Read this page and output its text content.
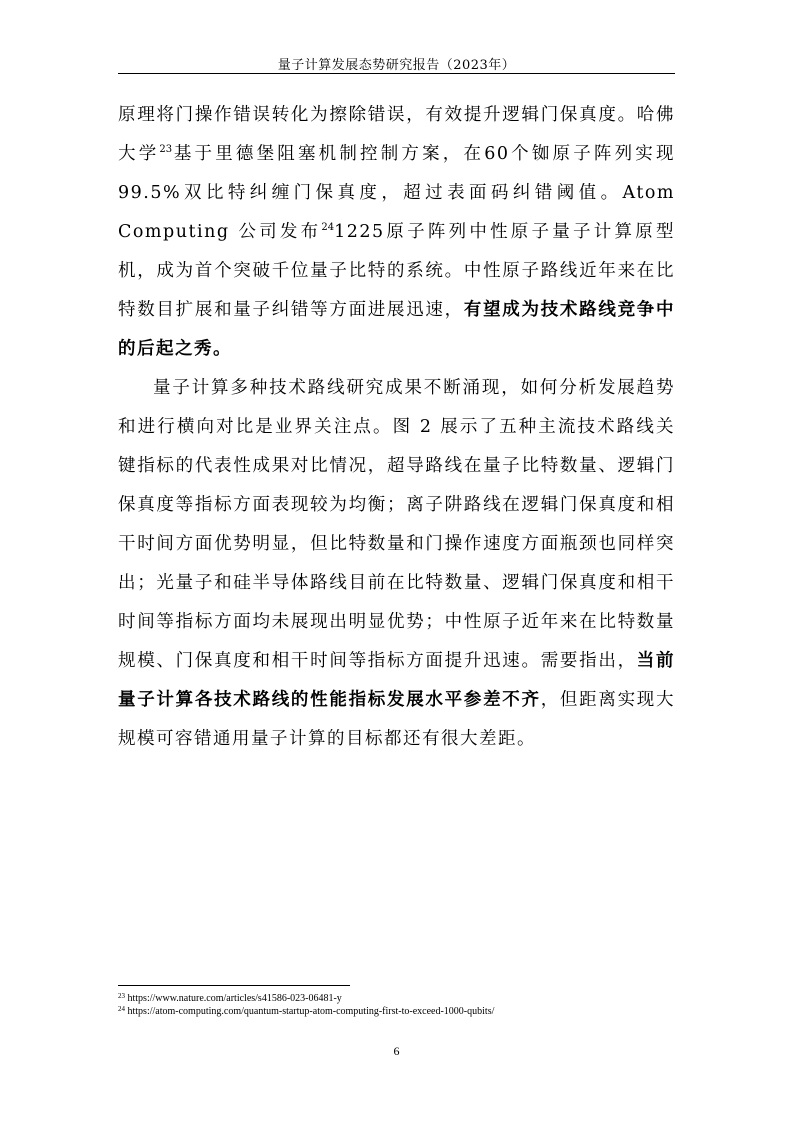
量子计算发展态势研究报告（2023年）

原理将门操作错误转化为擦除错误，有效提升逻辑门保真度。哈佛大学$^{23}$基于里德堡阻塞机制控制方案，在60个铷原子阵列实现99.5%双比特纠缠门保真度，超过表面码纠错阈值。Atom Computing 公司发布$^{24}$1225原子阵列中性原子量子计算原型机，成为首个突破千位量子比特的系统。中性原子路线近年来在比特数目扩展和量子纠错等方面进展迅速，有望成为技术路线竞争中的后起之秀。

量子计算多种技术路线研究成果不断涌现，如何分析发展趋势和进行横向对比是业界关注点。图 2 展示了五种主流技术路线关键指标的代表性成果对比情况，超导路线在量子比特数量、逻辑门保真度等指标方面表现较为均衡；离子阱路线在逻辑门保真度和相干时间方面优势明显，但比特数量和门操作速度方面瓶颈也同样突出；光量子和硅半导体路线目前在比特数量、逻辑门保真度和相干时间等指标方面均未展现出明显优势；中性原子近年来在比特数量规模、门保真度和相干时间等指标方面提升迅速。需要指出，当前量子计算各技术路线的性能指标发展水平参差不齐，但距离实现大规模可容错通用量子计算的目标都还有很大差距。

$^{23}$ https://www.nature.com/articles/s41586-023-06481-y
$^{24}$ https://atom-computing.com/quantum-startup-atom-computing-first-to-exceed-1000-qubits/
6
